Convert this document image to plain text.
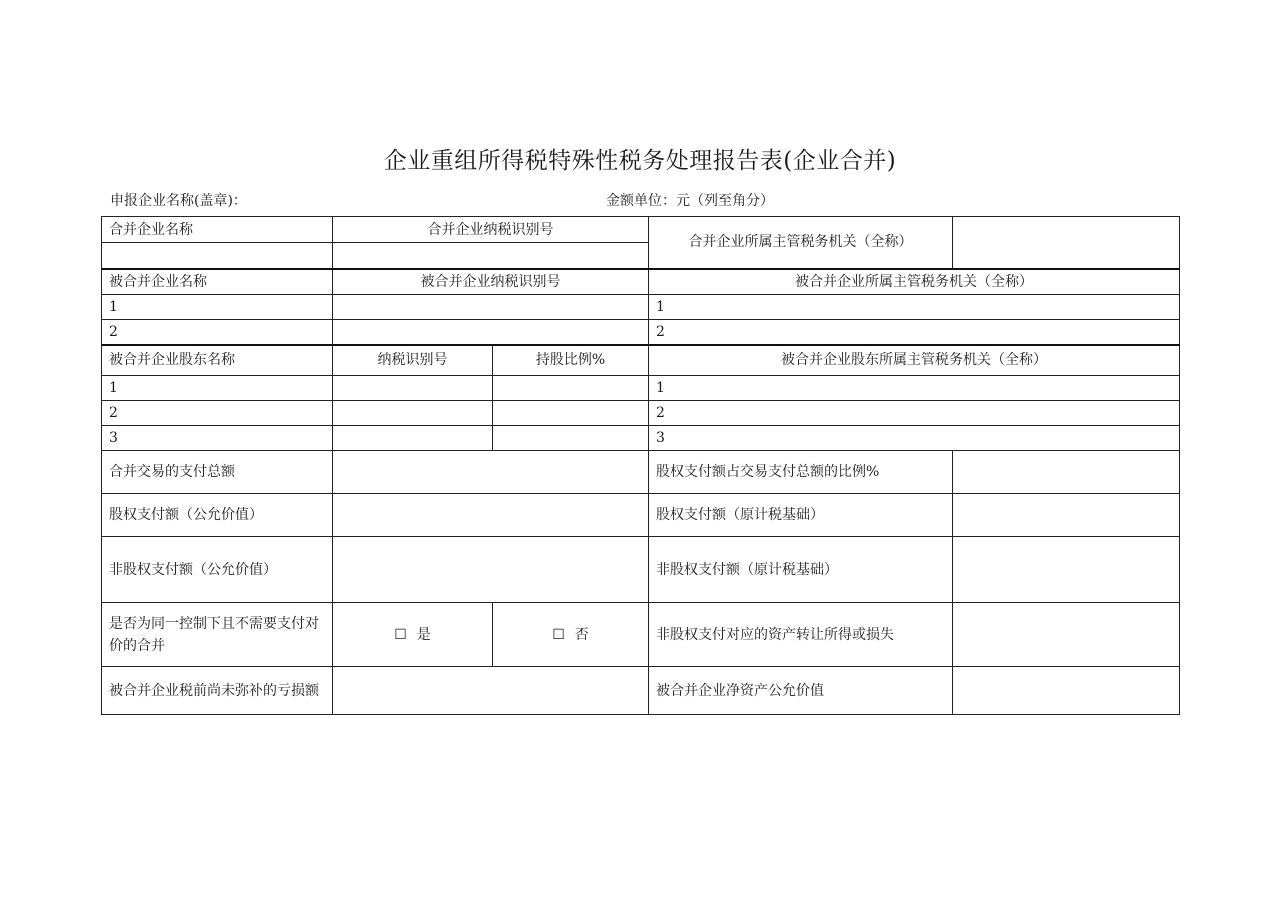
企业重组所得税特殊性税务处理报告表(企业合并)
申报企业名称(盖章)：	金额单位：元（列至角分）
合并企业名称	合并企业纳税识别号		合并企业所属主管税务机关（全称）	

被合并企业名称	被合并企业纳税识别号		被合并企业所属主管税务机关（全称）	
1			1	
2			2	
被合并企业股东名称	纳税识别号	持股比例%	被合并企业股东所属主管税务机关（全称）	
1			1	
2			2	
3			3	
合并交易的支付总额			股权支付额占交易支付总额的比例%	
股权支付额（公允价值）			股权支付额（原计税基础）	
非股权支付额（公允价值）			非股权支付额（原计税基础）	
是否为同一控制下且不需要支付对价的合并	☐ 是	☐ 否	非股权支付对应的资产转让所得或损失	
被合并企业税前尚未弥补的亏损额			被合并企业净资产公允价值	
